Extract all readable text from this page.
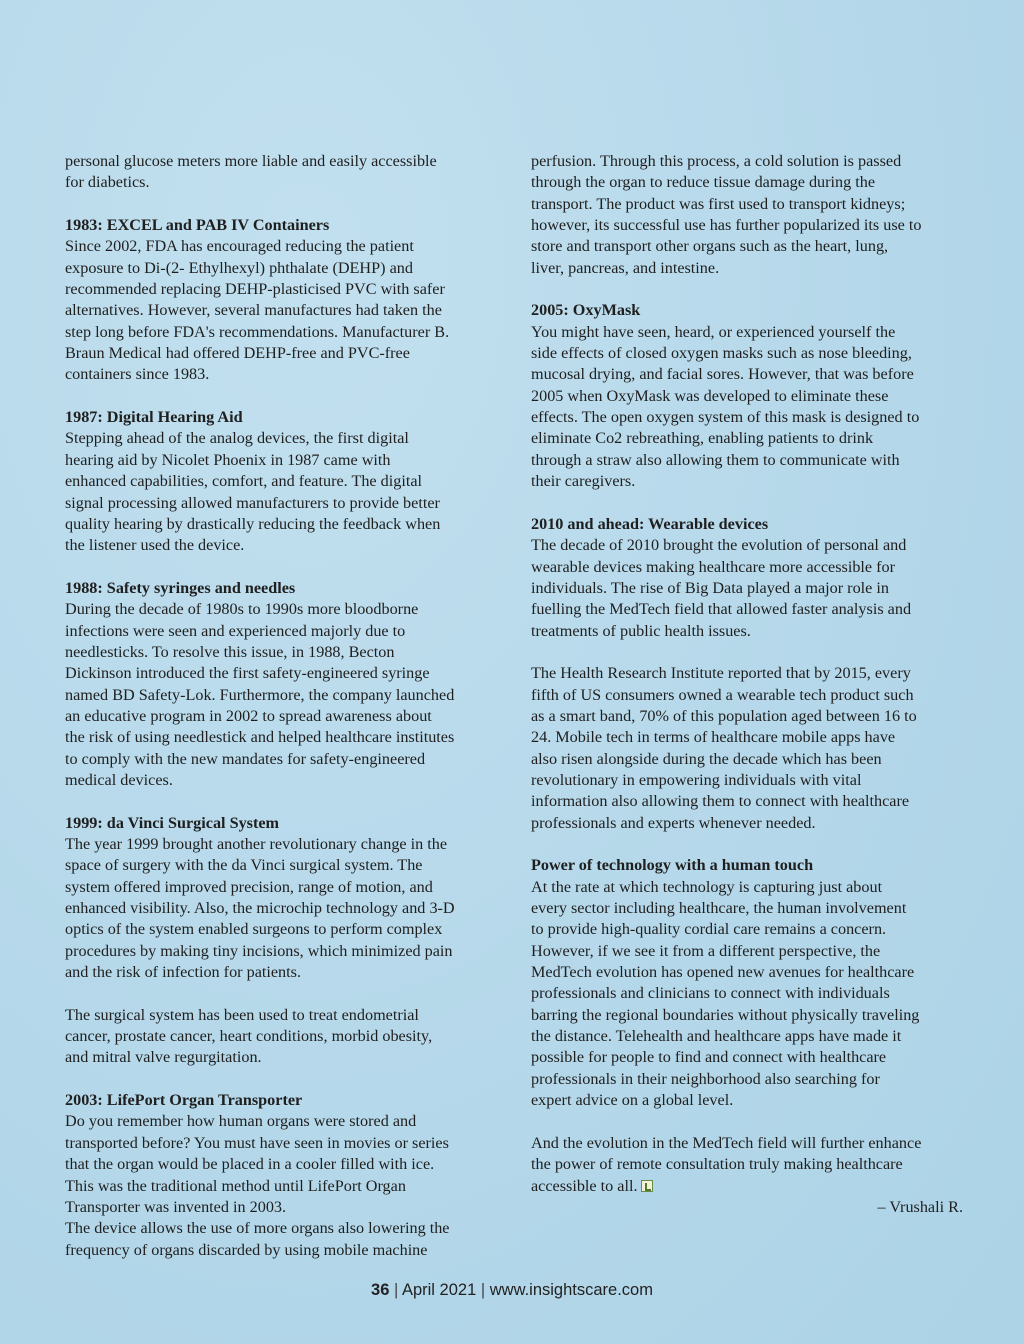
personal glucose meters more liable and easily accessible
for diabetics.
1983: EXCEL and PAB IV Containers
Since 2002, FDA has encouraged reducing the patient
exposure to Di-(2- Ethylhexyl) phthalate (DEHP) and
recommended replacing DEHP-plasticised PVC with safer
alternatives. However, several manufactures had taken the
step long before FDA's recommendations. Manufacturer B.
Braun Medical had offered DEHP-free and PVC-free
containers since 1983.
1987: Digital Hearing Aid
Stepping ahead of the analog devices, the first digital
hearing aid by Nicolet Phoenix in 1987 came with
enhanced capabilities, comfort, and feature. The digital
signal processing allowed manufacturers to provide better
quality hearing by drastically reducing the feedback when
the listener used the device.
1988: Safety syringes and needles
During the decade of 1980s to 1990s more bloodborne
infections were seen and experienced majorly due to
needlesticks. To resolve this issue, in 1988, Becton
Dickinson introduced the first safety-engineered syringe
named BD Safety-Lok. Furthermore, the company launched
an educative program in 2002 to spread awareness about
the risk of using needlestick and helped healthcare institutes
to comply with the new mandates for safety-engineered
medical devices.
1999: da Vinci Surgical System
The year 1999 brought another revolutionary change in the
space of surgery with the da Vinci surgical system. The
system offered improved precision, range of motion, and
enhanced visibility. Also, the microchip technology and 3-D
optics of the system enabled surgeons to perform complex
procedures by making tiny incisions, which minimized pain
and the risk of infection for patients.
The surgical system has been used to treat endometrial
cancer, prostate cancer, heart conditions, morbid obesity,
and mitral valve regurgitation.
2003: LifePort Organ Transporter
Do you remember how human organs were stored and
transported before? You must have seen in movies or series
that the organ would be placed in a cooler filled with ice.
This was the traditional method until LifePort Organ
Transporter was invented in 2003.
The device allows the use of more organs also lowering the
frequency of organs discarded by using mobile machine
perfusion. Through this process, a cold solution is passed
through the organ to reduce tissue damage during the
transport. The product was first used to transport kidneys;
however, its successful use has further popularized its use to
store and transport other organs such as the heart, lung,
liver, pancreas, and intestine.
2005: OxyMask
You might have seen, heard, or experienced yourself the
side effects of closed oxygen masks such as nose bleeding,
mucosal drying, and facial sores. However, that was before
2005 when OxyMask was developed to eliminate these
effects. The open oxygen system of this mask is designed to
eliminate Co2 rebreathing, enabling patients to drink
through a straw also allowing them to communicate with
their caregivers.
2010 and ahead: Wearable devices
The decade of 2010 brought the evolution of personal and
wearable devices making healthcare more accessible for
individuals. The rise of Big Data played a major role in
fuelling the MedTech field that allowed faster analysis and
treatments of public health issues.
The Health Research Institute reported that by 2015, every
fifth of US consumers owned a wearable tech product such
as a smart band, 70% of this population aged between 16 to
24. Mobile tech in terms of healthcare mobile apps have
also risen alongside during the decade which has been
revolutionary in empowering individuals with vital
information also allowing them to connect with healthcare
professionals and experts whenever needed.
Power of technology with a human touch
At the rate at which technology is capturing just about
every sector including healthcare, the human involvement
to provide high-quality cordial care remains a concern.
However, if we see it from a different perspective, the
MedTech evolution has opened new avenues for healthcare
professionals and clinicians to connect with individuals
barring the regional boundaries without physically traveling
the distance. Telehealth and healthcare apps have made it
possible for people to find and connect with healthcare
professionals in their neighborhood also searching for
expert advice on a global level.
And the evolution in the MedTech field will further enhance
the power of remote consultation truly making healthcare
accessible to all.
– Vrushali R.
36 | April 2021 | www.insightscare.com
